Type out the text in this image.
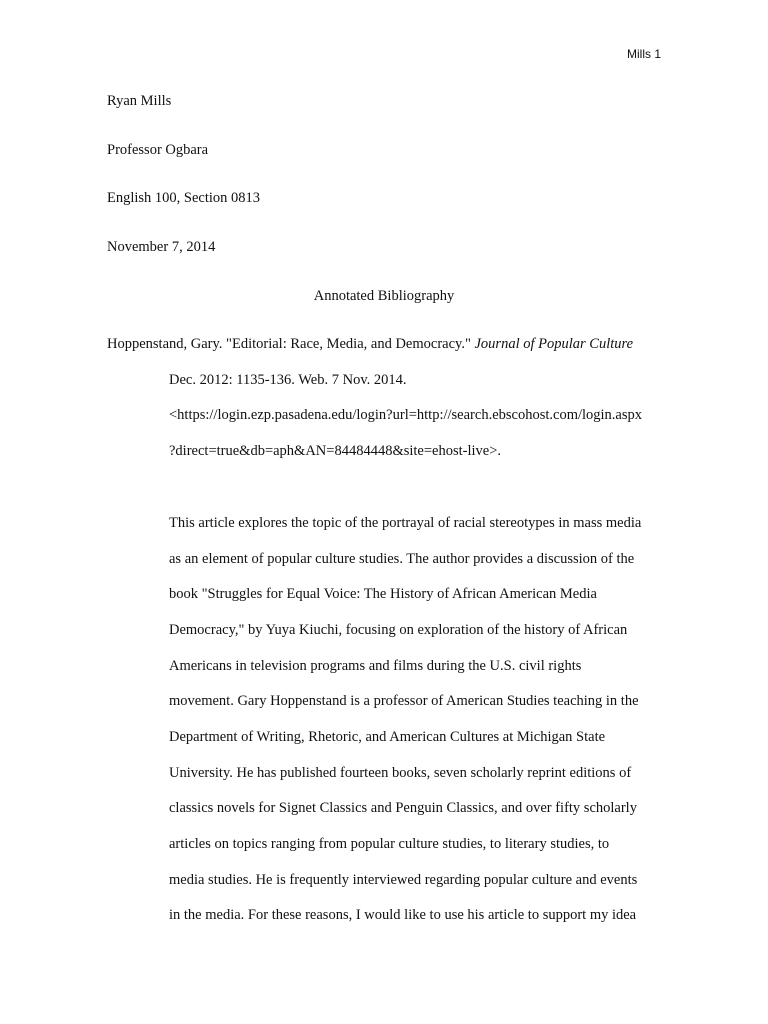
Mills 1
Ryan Mills
Professor Ogbara
English 100, Section 0813
November 7, 2014
Annotated Bibliography
Hoppenstand, Gary. "Editorial: Race, Media, and Democracy." Journal of Popular Culture
Dec. 2012: 1135-136. Web. 7 Nov. 2014.
<https://login.ezp.pasadena.edu/login?url=http://search.ebscohost.com/login.aspx
?direct=true&db=aph&AN=84484448&site=ehost-live>.
This article explores the topic of the portrayal of racial stereotypes in mass media
as an element of popular culture studies. The author provides a discussion of the
book "Struggles for Equal Voice: The History of African American Media
Democracy," by Yuya Kiuchi, focusing on exploration of the history of African
Americans in television programs and films during the U.S. civil rights
movement. Gary Hoppenstand is a professor of American Studies teaching in the
Department of Writing, Rhetoric, and American Cultures at Michigan State
University. He has published fourteen books, seven scholarly reprint editions of
classics novels for Signet Classics and Penguin Classics, and over fifty scholarly
articles on topics ranging from popular culture studies, to literary studies, to
media studies. He is frequently interviewed regarding popular culture and events
in the media. For these reasons, I would like to use his article to support my idea
